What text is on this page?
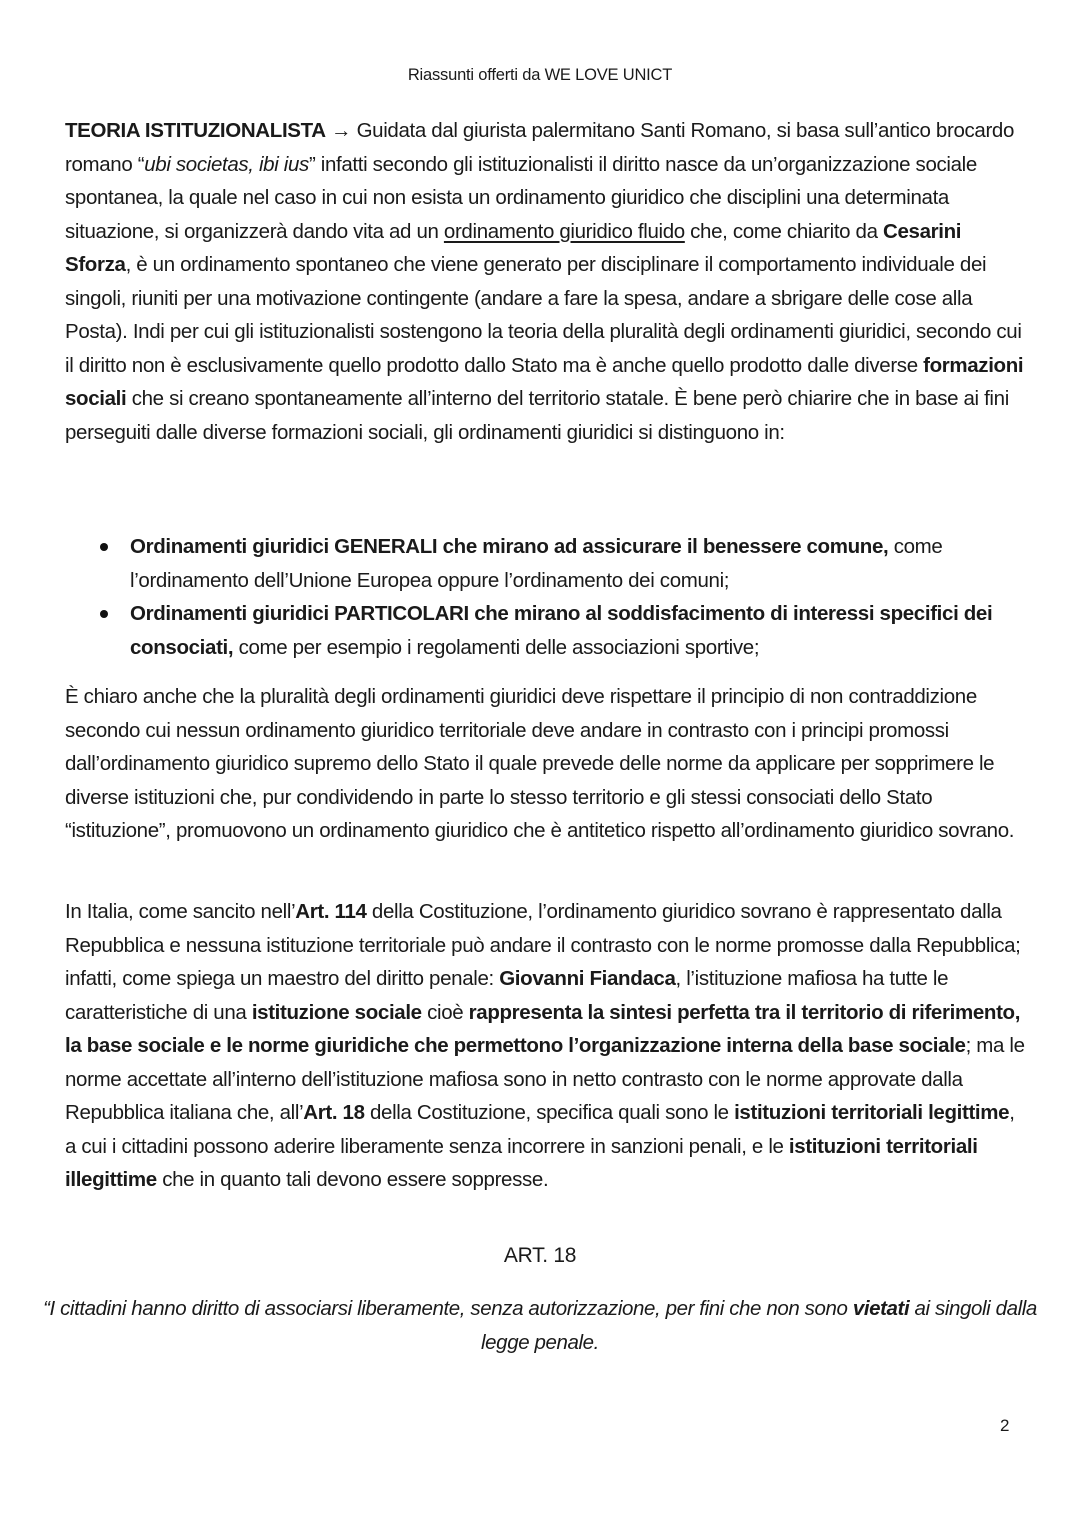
Riassunti offerti da WE LOVE UNICT

TEORIA ISTITUZIONALISTA → Guidata dal giurista palermitano Santi Romano, si basa sull’antico brocardo romano “ubi societas, ibi ius” infatti secondo gli istituzionalisti il diritto nasce da un’organizzazione sociale spontanea, la quale nel caso in cui non esista un ordinamento giuridico che disciplini una determinata situazione, si organizzerà dando vita ad un ordinamento giuridico fluido che, come chiarito da Cesarini Sforza, è un ordinamento spontaneo che viene generato per disciplinare il comportamento individuale dei singoli, riuniti per una motivazione contingente (andare a fare la spesa, andare a sbrigare delle cose alla Posta). Indi per cui gli istituzionalisti sostengono la teoria della pluralità degli ordinamenti giuridici, secondo cui il diritto non è esclusivamente quello prodotto dallo Stato ma è anche quello prodotto dalle diverse formazioni sociali che si creano spontaneamente all’interno del territorio statale. È bene però chiarire che in base ai fini perseguiti dalle diverse formazioni sociali, gli ordinamenti giuridici si distinguono in:

Ordinamenti giuridici GENERALI che mirano ad assicurare il benessere comune, come l’ordinamento dell’Unione Europea oppure l’ordinamento dei comuni;
Ordinamenti giuridici PARTICOLARI che mirano al soddisfacimento di interessi specifici dei consociati, come per esempio i regolamenti delle associazioni sportive;

È chiaro anche che la pluralità degli ordinamenti giuridici deve rispettare il principio di non contraddizione secondo cui nessun ordinamento giuridico territoriale deve andare in contrasto con i principi promossi dall’ordinamento giuridico supremo dello Stato il quale prevede delle norme da applicare per sopprimere le diverse istituzioni che, pur condividendo in parte lo stesso territorio e gli stessi consociati dello Stato “istituzione”, promuovono un ordinamento giuridico che è antitetico rispetto all’ordinamento giuridico sovrano.

In Italia, come sancito nell’Art. 114 della Costituzione, l’ordinamento giuridico sovrano è rappresentato dalla Repubblica e nessuna istituzione territoriale può andare il contrasto con le norme promosse dalla Repubblica; infatti, come spiega un maestro del diritto penale: Giovanni Fiandaca, l’istituzione mafiosa ha tutte le caratteristiche di una istituzione sociale cioè rappresenta la sintesi perfetta tra il territorio di riferimento, la base sociale e le norme giuridiche che permettono l’organizzazione interna della base sociale; ma le norme accettate all’interno dell’istituzione mafiosa sono in netto contrasto con le norme approvate dalla Repubblica italiana che, all’Art. 18 della Costituzione, specifica quali sono le istituzioni territoriali legittime, a cui i cittadini possono aderire liberamente senza incorrere in sanzioni penali, e le istituzioni territoriali illegittime che in quanto tali devono essere soppresse.

ART. 18
“I cittadini hanno diritto di associarsi liberamente, senza autorizzazione, per fini che non sono vietati ai singoli dalla legge penale.
2
